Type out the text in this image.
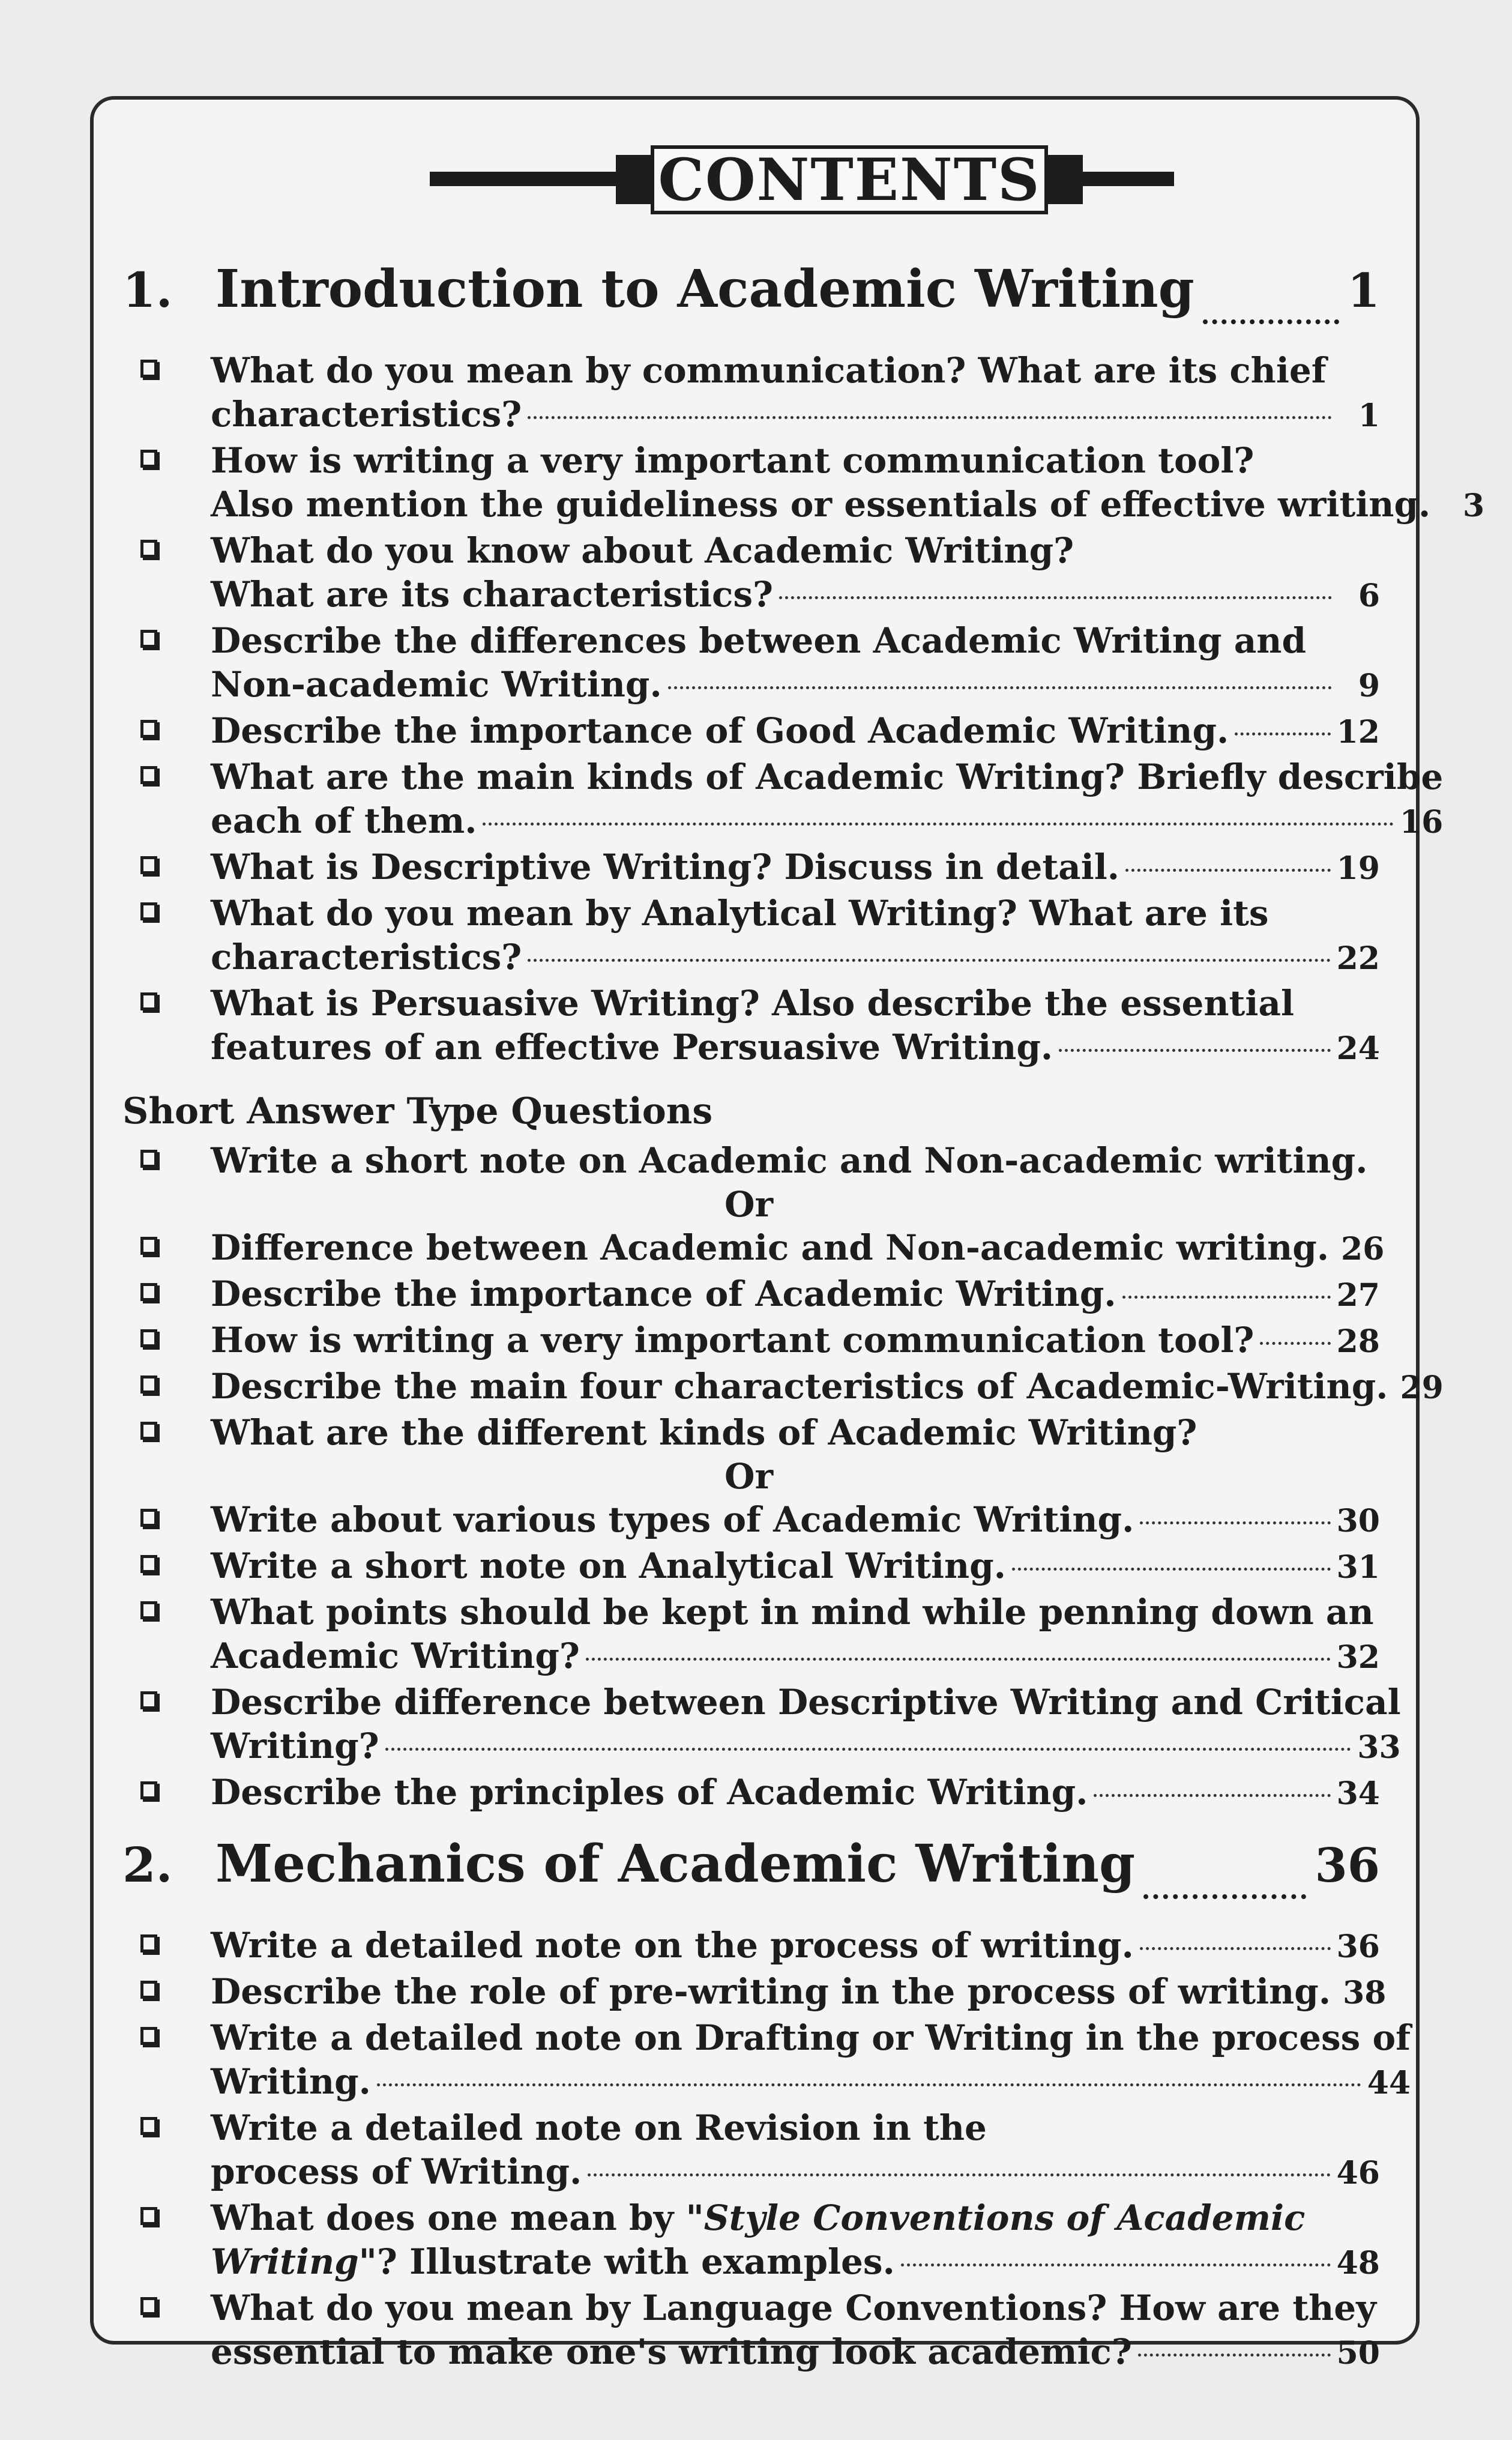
CONTENTS
1. Introduction to Academic Writing	1
What do you mean by communication? What are its chief
characteristics?	1
How is writing a very important communication tool?
Also mention the guideliness or essentials of effective writing.	3
What do you know about Academic Writing?
What are its characteristics?	6
Describe the differences between Academic Writing and
Non-academic Writing.	9
Describe the importance of Good Academic Writing.	12
What are the main kinds of Academic Writing? Briefly describe
each of them.	16
What is Descriptive Writing? Discuss in detail.	19
What do you mean by Analytical Writing? What are its
characteristics?	22
What is Persuasive Writing? Also describe the essential
features of an effective Persuasive Writing.	24
Short Answer Type Questions
Write a short note on Academic and Non-academic writing.
Or
Difference between Academic and Non-academic writing. 26
Describe the importance of Academic Writing.	27
How is writing a very important communication tool?	28
Describe the main four characteristics of Academic-Writing. 29
What are the different kinds of Academic Writing?
Or
Write about various types of Academic Writing.	30
Write a short note on Analytical Writing.	31
What points should be kept in mind while penning down an
Academic Writing?	32
Describe difference between Descriptive Writing and Critical
Writing?	33
Describe the principles of Academic Writing.	34
2. Mechanics of Academic Writing	36
Write a detailed note on the process of writing.	36
Describe the role of pre-writing in the process of writing. 38
Write a detailed note on Drafting or Writing in the process of
Writing.	44
Write a detailed note on Revision in the
process of Writing.	46
What does one mean by "Style Conventions of Academic
Writing"? Illustrate with examples.	48
What do you mean by Language Conventions? How are they
essential to make one's writing look academic?	50
